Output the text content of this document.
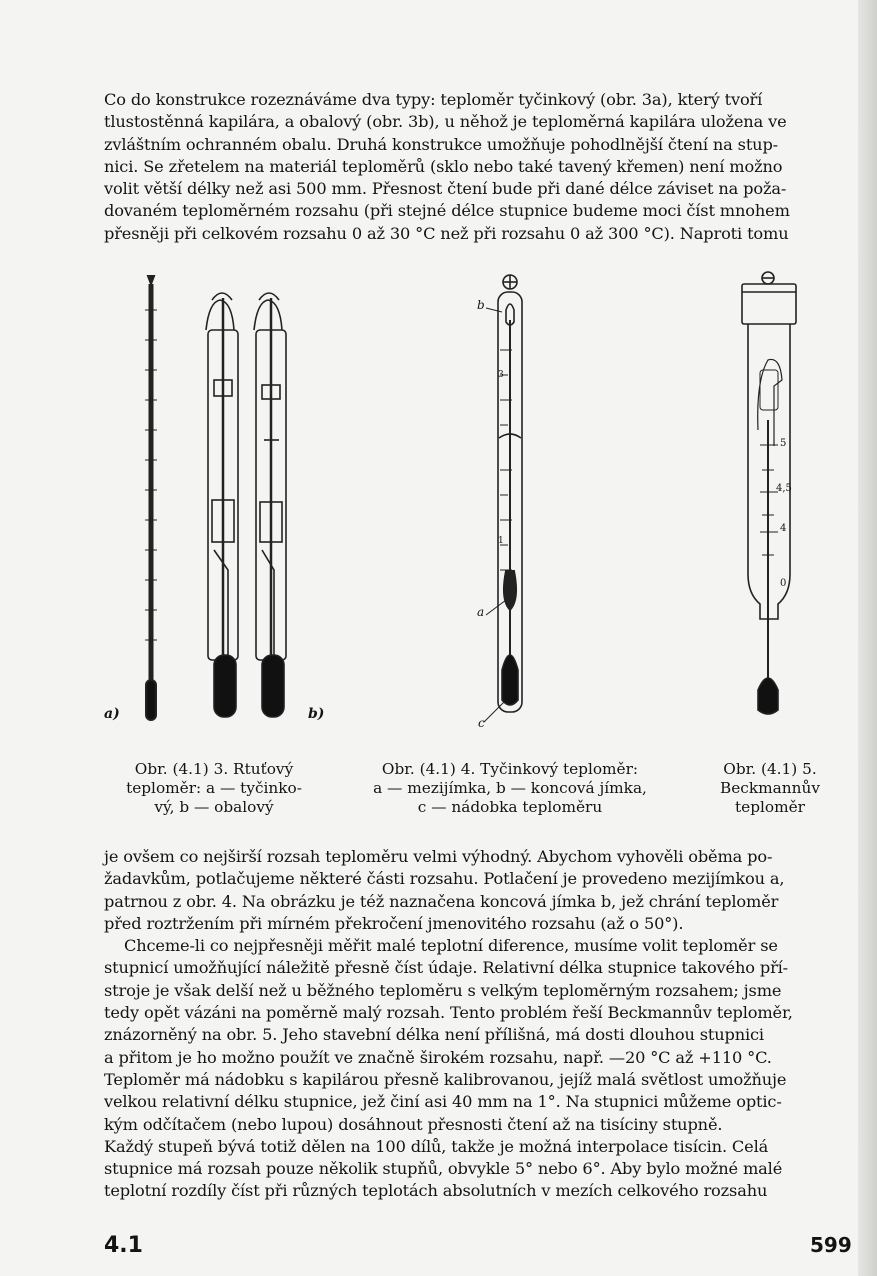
Co do konstrukce rozeznáváme dva typy: teploměr tyčinkový (obr. 3a), který tvoří
tlustostěnná kapilára, a obalový (obr. 3b), u něhož je teploměrná kapilára uložena ve
zvláštním ochranném obalu. Druhá konstrukce umožňuje pohodlnější čtení na stup-
nici. Se zřetelem na materiál teploměrů (sklo nebo také tavený křemen) není možno
volit větší délky než asi 500 mm. Přesnost čtení bude při dané délce záviset na poža-
dovaném teploměrném rozsahu (při stejné délce stupnice budeme moci číst mnohem
přesněji při celkovém rozsahu 0 až 30 °C než při rozsahu 0 až 300 °C). Naproti tomu

a)	b)
Obr. (4.1) 3. Rtuťový
teploměr: a — tyčinko-
vý, b — obalový
b
a
c
3
1
Obr. (4.1) 4. Tyčinkový teploměr:
a — mezijímka, b — koncová jímka,
c — nádobka teploměru
5
4,5
4
0
Obr. (4.1) 5.
Beckmannův
teploměr

je ovšem co nejširší rozsah teploměru velmi výhodný. Abychom vyhověli oběma po-
žadavkům, potlačujeme některé části rozsahu. Potlačení je provedeno mezijímkou a,
patrnou z obr. 4. Na obrázku je též naznačena koncová jímka b, jež chrání teploměr
před roztržením při mírném překročení jmenovitého rozsahu (až o 50°).
Chceme-li co nejpřesněji měřit malé teplotní diference, musíme volit teploměr se
stupnicí umožňující náležitě přesně číst údaje. Relativní délka stupnice takového pří-
stroje je však delší než u běžného teploměru s velkým teploměrným rozsahem; jsme
tedy opět vázáni na poměrně malý rozsah. Tento problém řeší Beckmannův teploměr,
znázorněný na obr. 5. Jeho stavební délka není přílišná, má dosti dlouhou stupnici
a přitom je ho možno použít ve značně širokém rozsahu, např. —20 °C až +110 °C.
Teploměr má nádobku s kapilárou přesně kalibrovanou, jejíž malá světlost umožňuje
velkou relativní délku stupnice, jež činí asi 40 mm na 1°. Na stupnici můžeme optic-
kým odčítačem (nebo lupou) dosáhnout přesnosti čtení až na tisíciny stupně.
Každý stupeň bývá totiž dělen na 100 dílů, takže je možná interpolace tisícin. Celá
stupnice má rozsah pouze několik stupňů, obvykle 5° nebo 6°. Aby bylo možné malé
teplotní rozdíly číst při různých teplotách absolutních v mezích celkového rozsahu

4.1	599
